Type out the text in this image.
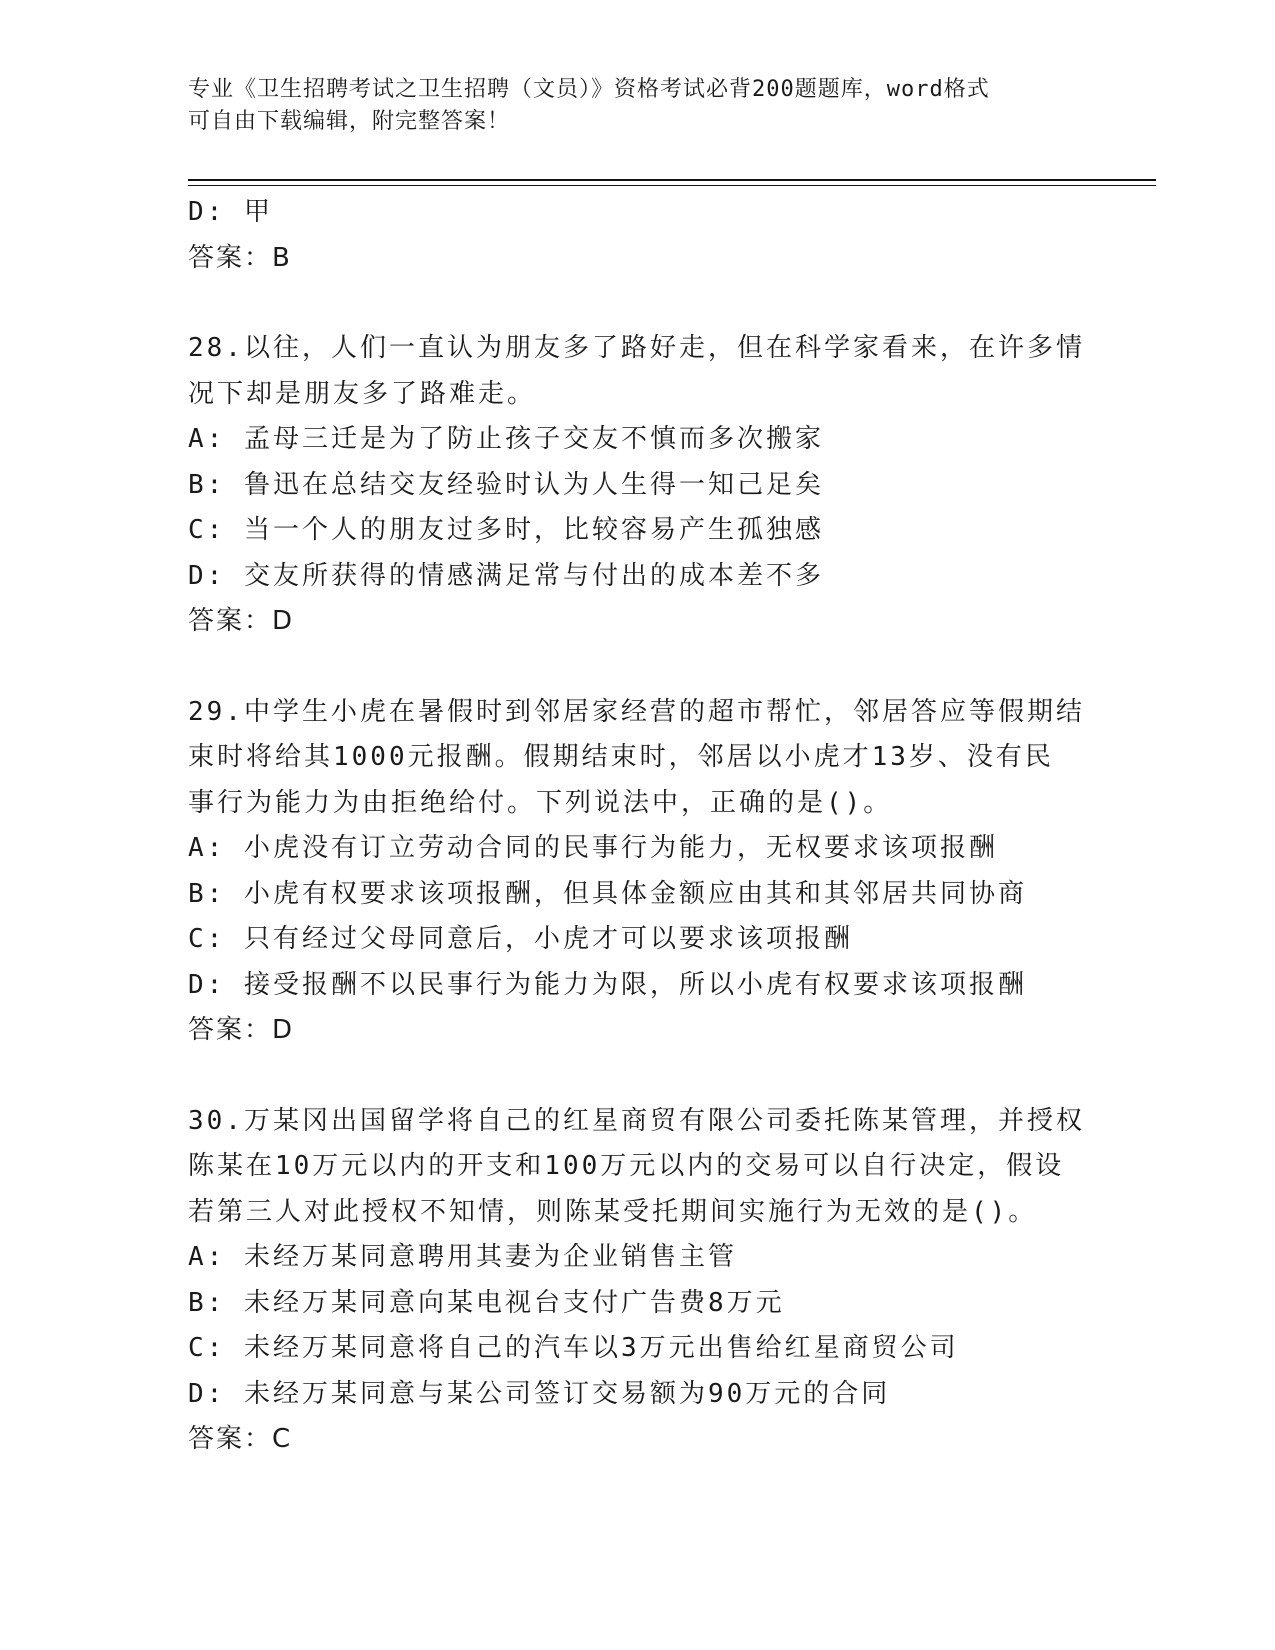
专业《卫生招聘考试之卫生招聘（文员）》资格考试必背200题题库，word格式
可自由下载编辑，附完整答案！
D: 甲
答案：B
28.以往，人们一直认为朋友多了路好走，但在科学家看来，在许多情
况下却是朋友多了路难走。
A: 孟母三迁是为了防止孩子交友不慎而多次搬家
B: 鲁迅在总结交友经验时认为人生得一知己足矣
C: 当一个人的朋友过多时，比较容易产生孤独感
D: 交友所获得的情感满足常与付出的成本差不多
答案：D
29.中学生小虎在暑假时到邻居家经营的超市帮忙，邻居答应等假期结
束时将给其1000元报酬。假期结束时，邻居以小虎才13岁、没有民
事行为能力为由拒绝给付。下列说法中，正确的是()。
A: 小虎没有订立劳动合同的民事行为能力，无权要求该项报酬
B: 小虎有权要求该项报酬，但具体金额应由其和其邻居共同协商
C: 只有经过父母同意后，小虎才可以要求该项报酬
D: 接受报酬不以民事行为能力为限，所以小虎有权要求该项报酬
答案：D
30.万某冈出国留学将自己的红星商贸有限公司委托陈某管理，并授权
陈某在10万元以内的开支和100万元以内的交易可以自行决定，假设
若第三人对此授权不知情，则陈某受托期间实施行为无效的是()。
A: 未经万某同意聘用其妻为企业销售主管
B: 未经万某同意向某电视台支付广告费8万元
C: 未经万某同意将自己的汽车以3万元出售给红星商贸公司
D: 未经万某同意与某公司签订交易额为90万元的合同
答案：C
